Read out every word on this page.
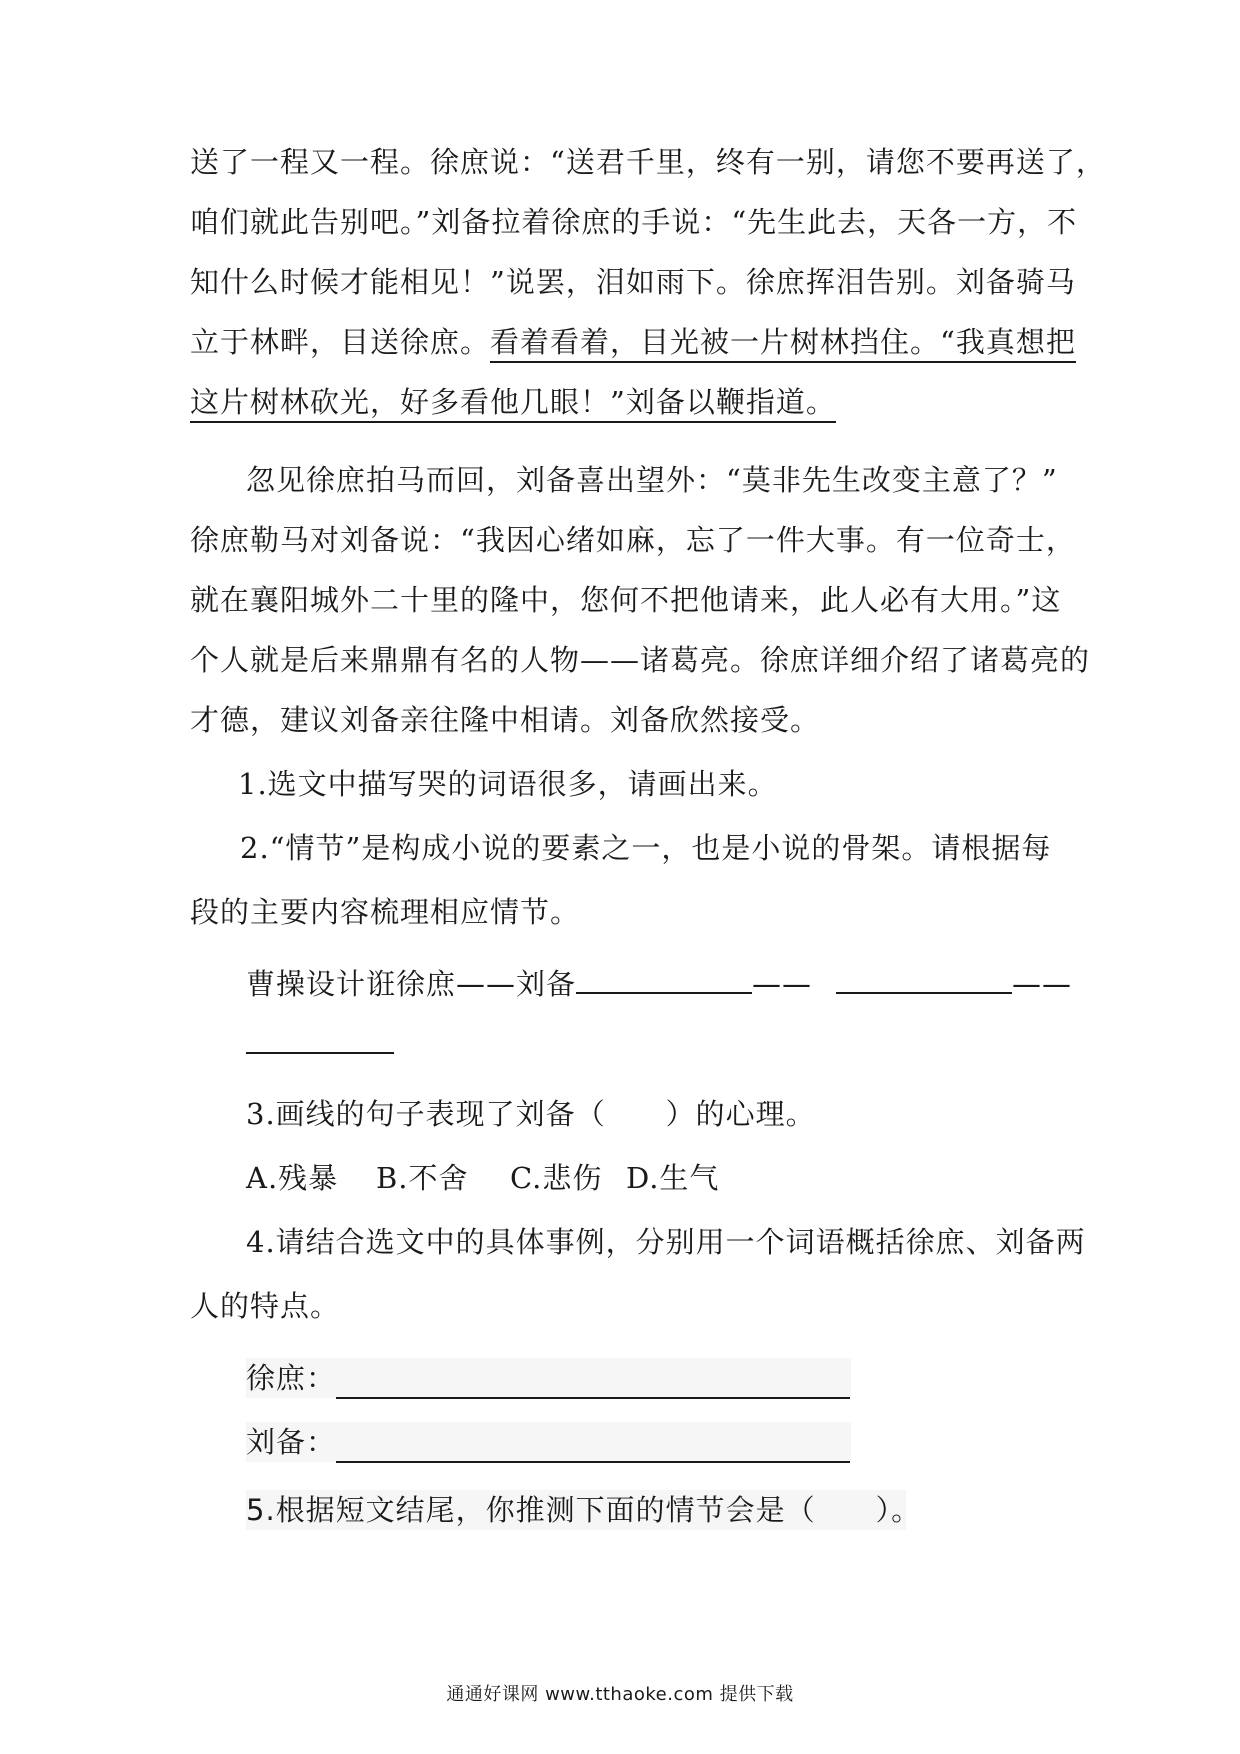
送了一程又一程。徐庶说：“送君千里，终有一别，请您不要再送了，
咱们就此告别吧。”刘备拉着徐庶的手说：“先生此去，天各一方，不
知什么时候才能相见！”说罢，泪如雨下。徐庶挥泪告别。刘备骑马
立于林畔，目送徐庶。看着看着，目光被一片树林挡住。“我真想把
这片树林砍光，好多看他几眼！”刘备以鞭指道。
忽见徐庶拍马而回，刘备喜出望外：“莫非先生改变主意了？”
徐庶勒马对刘备说：“我因心绪如麻，忘了一件大事。有一位奇士，
就在襄阳城外二十里的隆中，您何不把他请来，此人必有大用。”这
个人就是后来鼎鼎有名的人物——诸葛亮。徐庶详细介绍了诸葛亮的
才德，建议刘备亲往隆中相请。刘备欣然接受。
1.选文中描写哭的词语很多，请画出来。
2.“情节”是构成小说的要素之一，也是小说的骨架。请根据每
段的主要内容梳理相应情节。
曹操设计诳徐庶——刘备	——	——
3.画线的句子表现了刘备（　　）的心理。
A.残暴 B.不舍 C.悲伤 D.生气
4.请结合选文中的具体事例，分别用一个词语概括徐庶、刘备两
人的特点。
徐庶：
刘备：
5.根据短文结尾，你推测下面的情节会是（　　）。
通通好课网 www.tthaoke.com 提供下载
